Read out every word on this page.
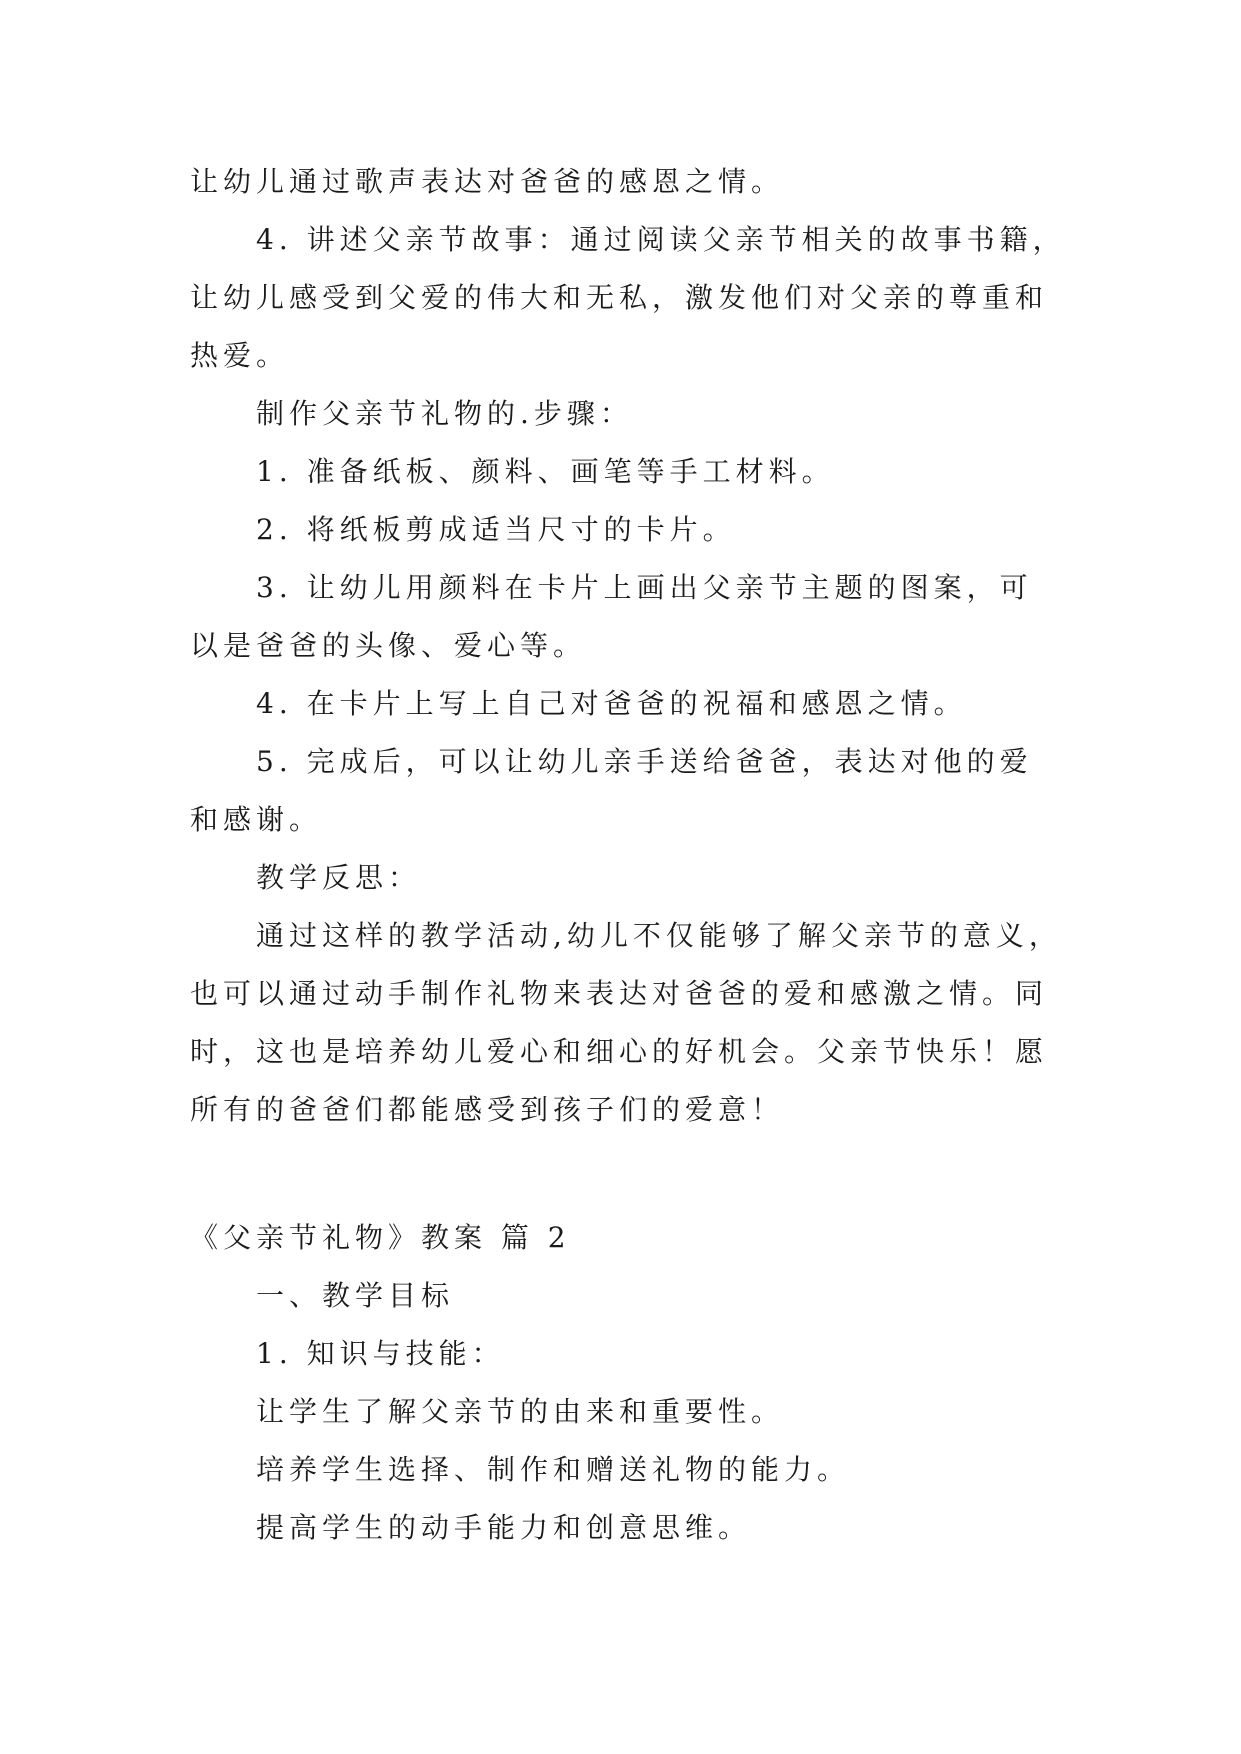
让幼儿通过歌声表达对爸爸的感恩之情。
4. 讲述父亲节故事：通过阅读父亲节相关的故事书籍，
让幼儿感受到父爱的伟大和无私，激发他们对父亲的尊重和
热爱。
制作父亲节礼物的.步骤：
1. 准备纸板、颜料、画笔等手工材料。
2. 将纸板剪成适当尺寸的卡片。
3. 让幼儿用颜料在卡片上画出父亲节主题的图案，可
以是爸爸的头像、爱心等。
4. 在卡片上写上自己对爸爸的祝福和感恩之情。
5. 完成后，可以让幼儿亲手送给爸爸，表达对他的爱
和感谢。
教学反思：
通过这样的教学活动,幼儿不仅能够了解父亲节的意义，
也可以通过动手制作礼物来表达对爸爸的爱和感激之情。同
时，这也是培养幼儿爱心和细心的好机会。父亲节快乐！愿
所有的爸爸们都能感受到孩子们的爱意！
《父亲节礼物》教案 篇 2
一、教学目标
1. 知识与技能：
让学生了解父亲节的由来和重要性。
培养学生选择、制作和赠送礼物的能力。
提高学生的动手能力和创意思维。
